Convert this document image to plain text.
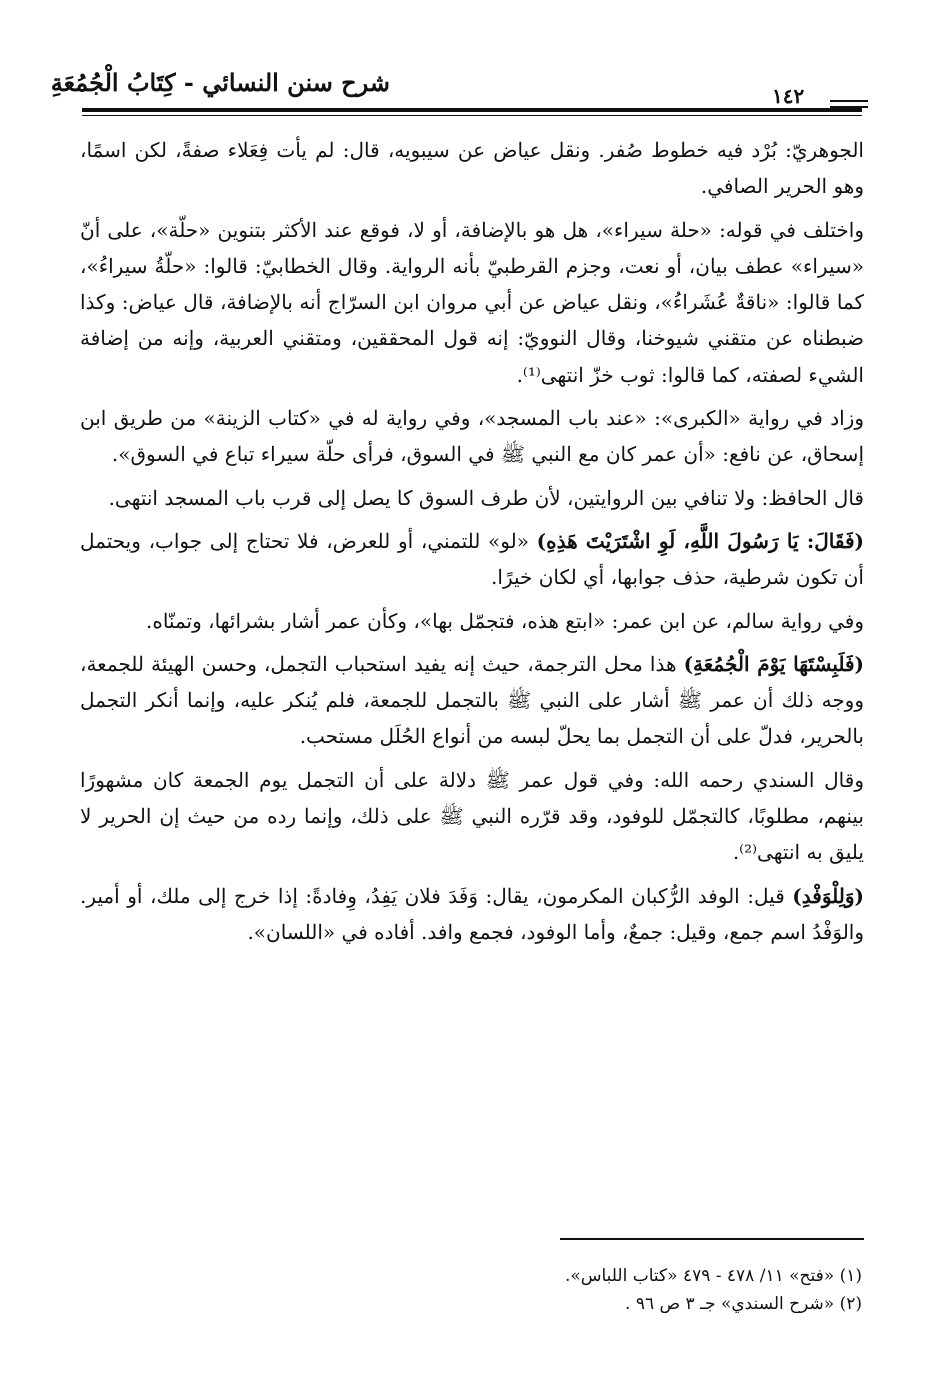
شرح سنن النسائي - كِتَابُ الْجُمُعَةِ	١٤٢

الجوهريّ: بُرْد فيه خطوط صُفر. ونقل عياض عن سيبويه، قال: لم يأت فِعَلاء صفةً، لكن اسمًا، وهو الحرير الصافي.

واختلف في قوله: «حلة سيراء»، هل هو بالإضافة، أو لا، فوقع عند الأكثر بتنوين «حلّة»، على أنّ «سيراء» عطف بيان، أو نعت، وجزم القرطبيّ بأنه الرواية. وقال الخطابيّ: قالوا: «حلّةُ سيراءُ»، كما قالوا: «ناقةٌ عُشَراءُ»، ونقل عياض عن أبي مروان ابن السرّاج أنه بالإضافة، قال عياض: وكذا ضبطناه عن متقني شيوخنا، وقال النوويّ: إنه قول المحققين، ومتقني العربية، وإنه من إضافة الشيء لصفته، كما قالوا: ثوب خزّ انتهى⁽¹⁾.

وزاد في رواية «الكبرى»: «عند باب المسجد»، وفي رواية له في «كتاب الزينة» من طريق ابن إسحاق، عن نافع: «أن عمر كان مع النبي ﷺ في السوق، فرأى حلّة سيراء تباع في السوق».

قال الحافظ: ولا تنافي بين الروايتين، لأن طرف السوق كا يصل إلى قرب باب المسجد انتهى.

(فَقَالَ: يَا رَسُولَ اللَّهِ، لَوِ اشْتَرَيْتَ هَذِهِ) «لو» للتمني، أو للعرض، فلا تحتاج إلى جواب، ويحتمل أن تكون شرطية، حذف جوابها، أي لكان خيرًا.

وفي رواية سالم، عن ابن عمر: «ابتع هذه، فتجمّل بها»، وكأن عمر أشار بشرائها، وتمنّاه.

(فَلَبِسْتَهَا يَوْمَ الْجُمُعَةِ) هذا محل الترجمة، حيث إنه يفيد استحباب التجمل، وحسن الهيئة للجمعة، ووجه ذلك أن عمر ﷺ أشار على النبي ﷺ بالتجمل للجمعة، فلم يُنكر عليه، وإنما أنكر التجمل بالحرير، فدلّ على أن التجمل بما يحلّ لبسه من أنواع الحُلَل مستحب.

وقال السندي رحمه الله: وفي قول عمر ﷺ دلالة على أن التجمل يوم الجمعة كان مشهورًا بينهم، مطلوبًا، كالتجمّل للوفود، وقد قرّره النبي ﷺ على ذلك، وإنما رده من حيث إن الحرير لا يليق به انتهى⁽²⁾.

(وَلِلْوَفْدِ) قيل: الوفد الرُّكبان المكرمون، يقال: وَفَدَ فلان يَفِدُ، وِفادةً: إذا خرج إلى ملك، أو أمير. والوَفْدُ اسم جمع، وقيل: جمعٌ، وأما الوفود، فجمع وافد. أفاده في «اللسان».

(١) «فتح» ١١/ ٤٧٨ - ٤٧٩ «كتاب اللباس».

(٢) «شرح السندي» جـ ٣ ص ٩٦ .
